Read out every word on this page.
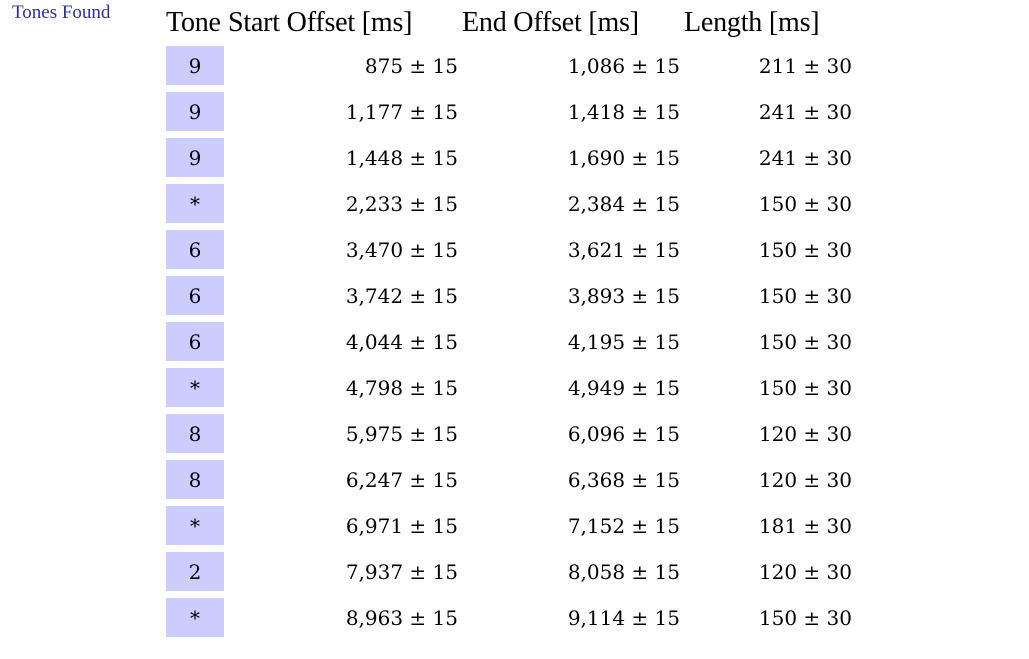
Tones Found Tone	Start Offset [ms]	End Offset [ms]	Length [ms]
9	875 ± 15	1,086 ± 15	211 ± 30
9	1,177 ± 15	1,418 ± 15	241 ± 30
9	1,448 ± 15	1,690 ± 15	241 ± 30
*	2,233 ± 15	2,384 ± 15	150 ± 30
6	3,470 ± 15	3,621 ± 15	150 ± 30
6	3,742 ± 15	3,893 ± 15	150 ± 30
6	4,044 ± 15	4,195 ± 15	150 ± 30
*	4,798 ± 15	4,949 ± 15	150 ± 30
8	5,975 ± 15	6,096 ± 15	120 ± 30
8	6,247 ± 15	6,368 ± 15	120 ± 30
*	6,971 ± 15	7,152 ± 15	181 ± 30
2	7,937 ± 15	8,058 ± 15	120 ± 30
*	8,963 ± 15	9,114 ± 15	150 ± 30
